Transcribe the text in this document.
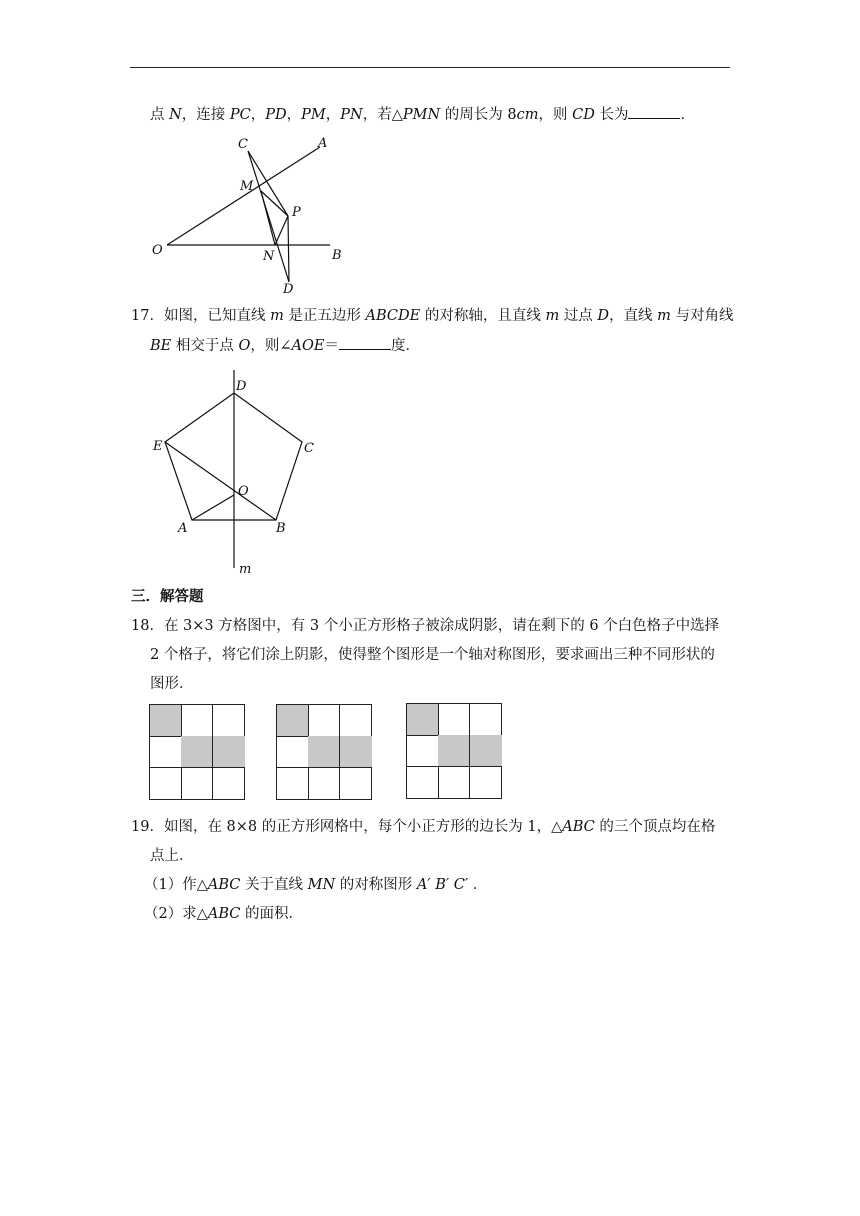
点 N，连接 PC，PD，PM，PN，若△PMN 的周长为 8cm，则 CD 长为	．
C	A
M
P
O	N	B
D
17．如图，已知直线 m 是正五边形 ABCDE 的对称轴，且直线 m 过点 D，直线 m 与对角线
BE 相交于点 O，则∠AOE＝	度．
D
E	C
O
A	B
m
三．解答题
18．在 3×3 方格图中，有 3 个小正方形格子被涂成阴影，请在剩下的 6 个白色格子中选择
2 个格子，将它们涂上阴影，使得整个图形是一个轴对称图形，要求画出三种不同形状的
图形．
19．如图，在 8×8 的正方形网格中，每个小正方形的边长为 1，△ABC 的三个顶点均在格
点上．
（1）作△ABC 关于直线 MN 的对称图形 A′ B′ C′ ．
（2）求△ABC 的面积．
